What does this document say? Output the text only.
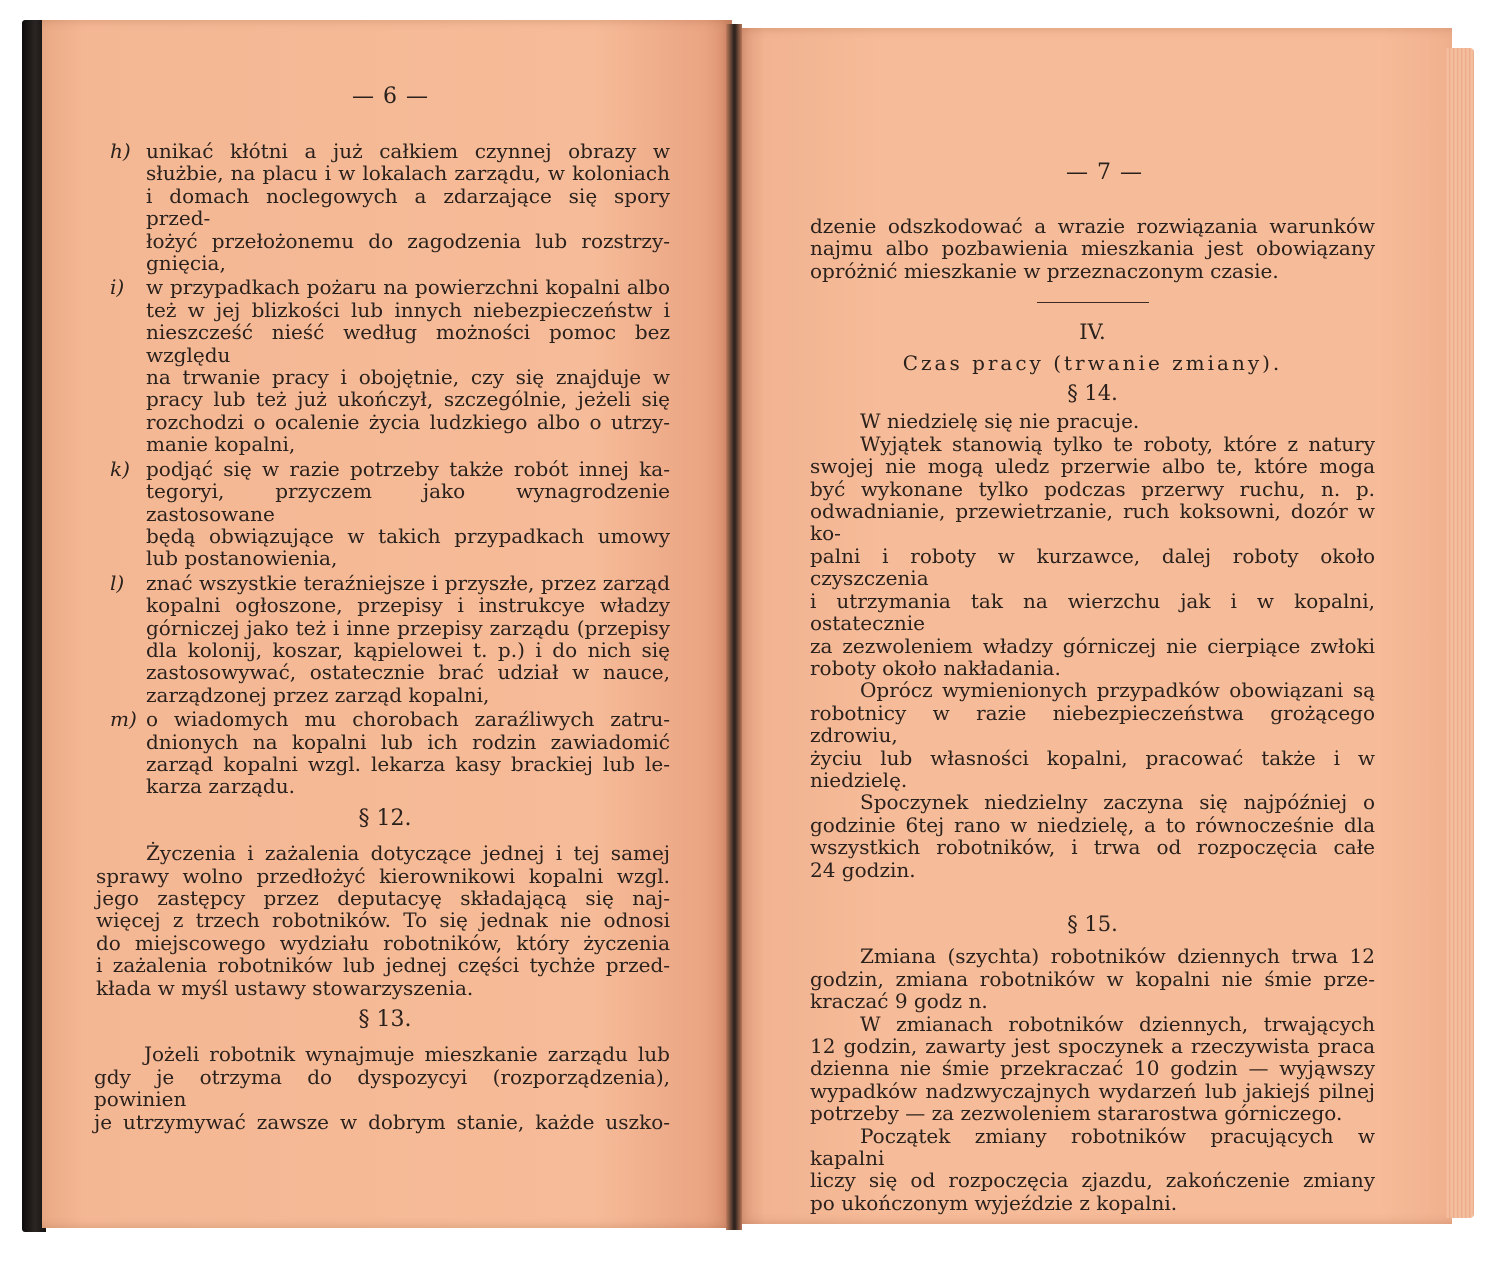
— 6 —
h) unikać kłótni a już całkiem czynnej obrazy w

służbie, na placu i w lokalach zarządu, w koloniach

i domach noclegowych a zdarzające się spory przed-

łożyć przełożonemu do zagodzenia lub rozstrzy-

gnięcia,

i)	w przypadkach pożaru na powierzchni kopalni albo

też w jej blizkości lub innych niebezpieczeństw i

nieszcześć nieść według możności pomoc bez względu

na trwanie pracy i obojętnie, czy się znajduje w

pracy lub też już ukończył, szczególnie, jeżeli się

rozchodzi o ocalenie życia ludzkiego albo o utrzy-

manie kopalni,

k) podjąć się w razie potrzeby także robót innej ka-

tegoryi, przyczem jako wynagrodzenie zastosowane

będą obwiązujące w takich przypadkach umowy

lub postanowienia,

l)	znać wszystkie teraźniejsze i przyszłe, przez zarząd

kopalni ogłoszone, przepisy i instrukcye władzy

górniczej jako też i inne przepisy zarządu (przepisy

dla kolonij, koszar, kąpielowei t. p.) i do nich się

zastosowywać, ostatecznie brać udział w nauce,

zarządzonej przez zarząd kopalni,

m) o wiadomych mu chorobach zaraźliwych zatru-

dnionych na kopalni lub ich rodzin zawiadomić

zarząd kopalni wzgl. lekarza kasy brackiej lub le-

karza zarządu.

§ 12.

Życzenia i zażalenia dotyczące jednej i tej samej

sprawy wolno przedłożyć kierownikowi kopalni wzgl.

jego zastępcy przez deputacyę składającą się naj-

więcej z trzech robotników. To się jednak nie odnosi

do miejscowego wydziału robotników, który życzenia

i zażalenia robotników lub jednej części tychże przed-

kłada w myśl ustawy stowarzyszenia.

§ 13.

Jożeli robotnik wynajmuje mieszkanie zarządu lub

gdy je otrzyma do dyspozycyi (rozporządzenia), powinien

je utrzymywać zawsze w dobrym stanie, każde uszko-

— 7 —

dzenie odszkodować a wrazie rozwiązania warunków

najmu albo pozbawienia mieszkania jest obowiązany

opróżnić mieszkanie w przeznaczonym czasie.

IV.

Czas pracy (trwanie zmiany).

§ 14.

W niedzielę się nie pracuje.

Wyjątek stanowią tylko te roboty, które z natury

swojej nie mogą uledz przerwie albo te, które moga

być wykonane tylko podczas przerwy ruchu, n. p.

odwadnianie, przewietrzanie, ruch koksowni, dozór w ko-

palni i roboty w kurzawce, dalej roboty około czyszczenia

i utrzymania tak na wierzchu jak i w kopalni, ostatecznie

za zezwoleniem władzy górniczej nie cierpiące zwłoki

roboty około nakładania.

Oprócz wymienionych przypadków obowiązani są

robotnicy w razie niebezpieczeństwa grożącego zdrowiu,

życiu lub własności kopalni, pracować także i w

niedzielę.

Spoczynek niedzielny zaczyna się najpóźniej o

godzinie 6tej rano w niedzielę, a to równocześnie dla

wszystkich robotników, i trwa od rozpoczęcia całe

24 godzin.

§ 15.

Zmiana (szychta) robotników dziennych trwa 12

godzin, zmiana robotników w kopalni nie śmie prze-

kraczać 9 godz n.

W zmianach robotników dziennych, trwających

12 godzin, zawarty jest spoczynek a rzeczywista praca

dzienna nie śmie przekraczać 10 godzin — wyjąwszy

wypadków nadzwyczajnych wydarzeń lub jakiejś pilnej

potrzeby — za zezwoleniem stararostwa górniczego.

Początek zmiany robotników pracujących w kapalni

liczy się od rozpoczęcia zjazdu, zakończenie zmiany

po ukończonym wyjeździe z kopalni.
